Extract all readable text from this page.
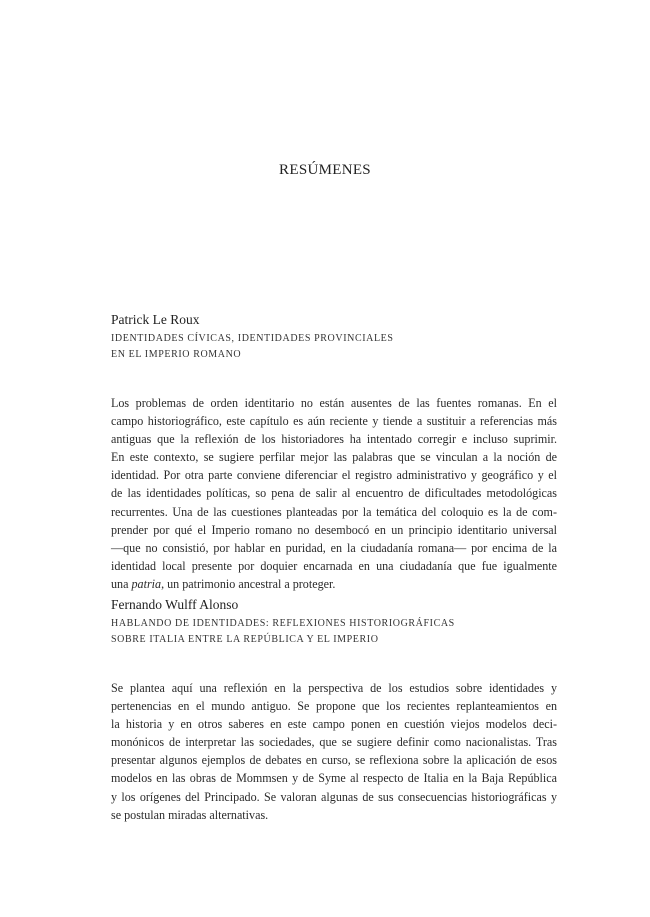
RESÚMENES

Patrick Le Roux

IDENTIDADES CÍVICAS, IDENTIDADES PROVINCIALES
EN EL IMPERIO ROMANO

Los problemas de orden identitario no están ausentes de las fuentes romanas. En el
campo historiográfico, este capítulo es aún reciente y tiende a sustituir a referencias más
antiguas que la reflexión de los historiadores ha intentado corregir e incluso suprimir.
En este contexto, se sugiere perfilar mejor las palabras que se vinculan a la noción de
identidad. Por otra parte conviene diferenciar el registro administrativo y geográfico y el
de las identidades políticas, so pena de salir al encuentro de dificultades metodológicas
recurrentes. Una de las cuestiones planteadas por la temática del coloquio es la de com-
prender por qué el Imperio romano no desembocó en un principio identitario universal
—que no consistió, por hablar en puridad, en la ciudadanía romana— por encima de la
identidad local presente por doquier encarnada en una ciudadanía que fue igualmente
una patria, un patrimonio ancestral a proteger.

Fernando Wulff Alonso

HABLANDO DE IDENTIDADES: REFLEXIONES HISTORIOGRÁFICAS
SOBRE ITALIA ENTRE LA REPÚBLICA Y EL IMPERIO

Se plantea aquí una reflexión en la perspectiva de los estudios sobre identidades y
pertenencias en el mundo antiguo. Se propone que los recientes replanteamientos en
la historia y en otros saberes en este campo ponen en cuestión viejos modelos deci-
monónicos de interpretar las sociedades, que se sugiere definir como nacionalistas. Tras
presentar algunos ejemplos de debates en curso, se reflexiona sobre la aplicación de esos
modelos en las obras de Mommsen y de Syme al respecto de Italia en la Baja República
y los orígenes del Principado. Se valoran algunas de sus consecuencias historiográficas y
se postulan miradas alternativas.
